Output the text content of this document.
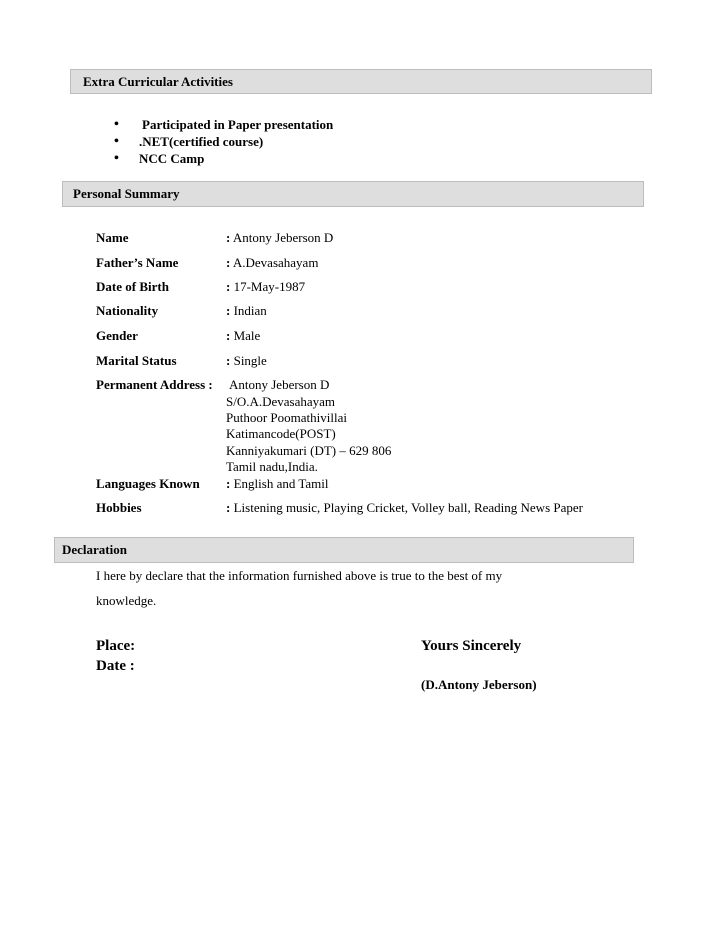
Extra Curricular Activities
•	Participated in Paper presentation
•	.NET(certified course)
•	NCC Camp
Personal Summary
Name	: Antony Jeberson D
Father’s Name	: A.Devasahayam
Date of Birth	: 17-May-1987
Nationality	: Indian
Gender	: Male
Marital Status	: Single
Permanent Address : Antony Jeberson D
S/O.A.Devasahayam
Puthoor Poomathivillai
Katimancode(POST)
Kanniyakumari (DT) – 629 806
Tamil nadu,India.
Languages Known : English and Tamil
Hobbies	: Listening music, Playing Cricket, Volley ball, Reading News Paper
Declaration
I here by declare that the information furnished above is true to the best of my
knowledge.
Place:
Date :
Yours Sincerely
(D.Antony Jeberson)
